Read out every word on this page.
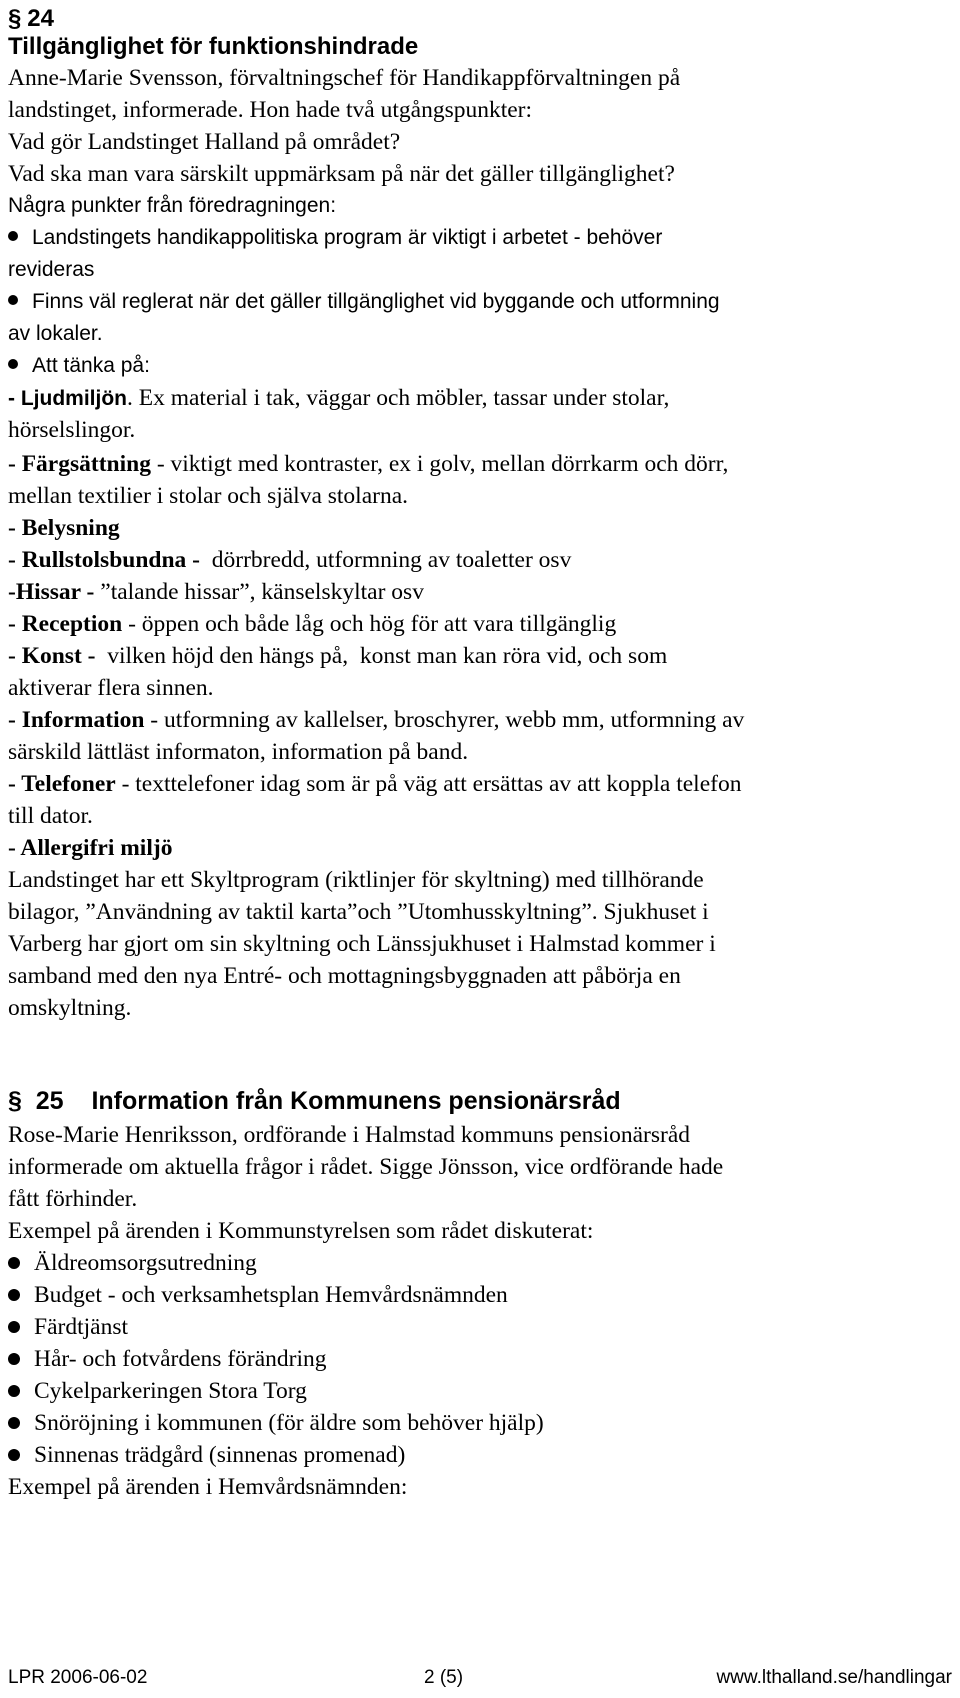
§ 24
Tillgänglighet för funktionshindrade
Anne-Marie Svensson, förvaltningschef för Handikappförvaltningen på
landstinget, informerade. Hon hade två utgångspunkter:
Vad gör Landstinget Halland på området?
Vad ska man vara särskilt uppmärksam på när det gäller tillgänglighet?
Några punkter från föredragningen:
Landstingets handikappolitiska program är viktigt i arbetet - behöver
revideras
Finns väl reglerat när det gäller tillgänglighet vid byggande och utformning
av lokaler.
Att tänka på:
- Ljudmiljön. Ex material i tak, väggar och möbler, tassar under stolar,
hörselslingor.
- Färgsättning - viktigt med kontraster, ex i golv, mellan dörrkarm och dörr,
mellan textilier i stolar och själva stolarna.
- Belysning
- Rullstolsbundna -  dörrbredd, utformning av toaletter osv
-Hissar - ”talande hissar”, känselskyltar osv
- Reception - öppen och både låg och hög för att vara tillgänglig
- Konst -  vilken höjd den hängs på,  konst man kan röra vid, och som
aktiverar flera sinnen.
- Information - utformning av kallelser, broschyrer, webb mm, utformning av
särskild lättläst informaton, information på band.
- Telefoner - texttelefoner idag som är på väg att ersättas av att koppla telefon
till dator.
- Allergifri miljö
Landstinget har ett Skyltprogram (riktlinjer för skyltning) med tillhörande
bilagor, ”Användning av taktil karta”och ”Utomhusskyltning”. Sjukhuset i
Varberg har gjort om sin skyltning och Länssjukhuset i Halmstad kommer i
samband med den nya Entré- och mottagningsbyggnaden att påbörja en
omskyltning.
§ 25 Information från Kommunens pensionärsråd
Rose-Marie Henriksson, ordförande i Halmstad kommuns pensionärsråd
informerade om aktuella frågor i rådet. Sigge Jönsson, vice ordförande hade
fått förhinder.
Exempel på ärenden i Kommunstyrelsen som rådet diskuterat:
Äldreomsorgsutredning
Budget - och verksamhetsplan Hemvårdsnämnden
Färdtjänst
Hår- och fotvårdens förändring
Cykelparkeringen Stora Torg
Snöröjning i kommunen (för äldre som behöver hjälp)
Sinnenas trädgård (sinnenas promenad)
Exempel på ärenden i Hemvårdsnämnden:
LPR 2006-06-02	2 (5)	www.lthalland.se/handlingar
